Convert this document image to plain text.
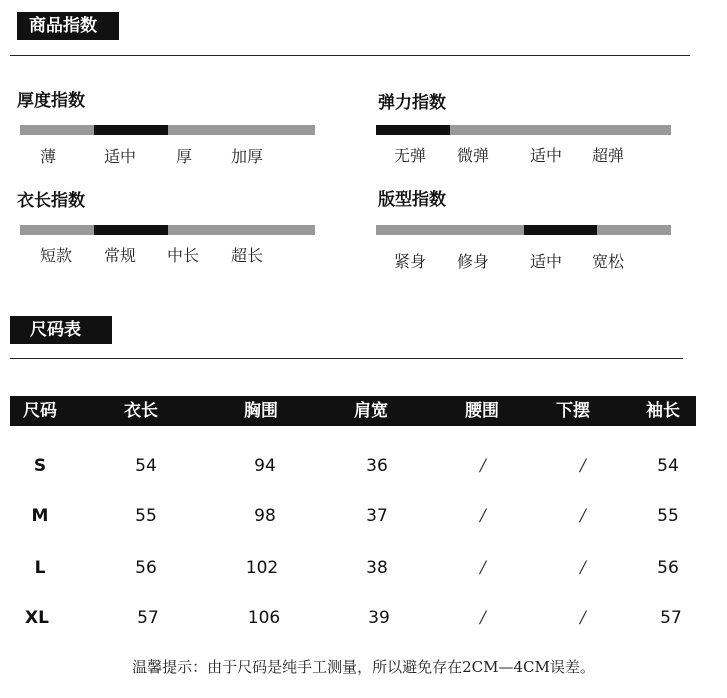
商品指数
厚度指数
薄	适中 厚 加厚
弹力指数
无弹 微弹	适中 超弹
衣长指数
短款 常规 中长 超长
版型指数
紧身 修身	适中 宽松
尺码表
尺码	衣长	胸围	肩宽	腰围	下摆	袖长
S	54	94	36	/	/	54
M	55	98	37	/	/	55
L	56	102	38	/	/	56
XL	57	106	39	/	/	57
温馨提示：由于尺码是纯手工测量，所以避免存在2CM—4CM误差。
